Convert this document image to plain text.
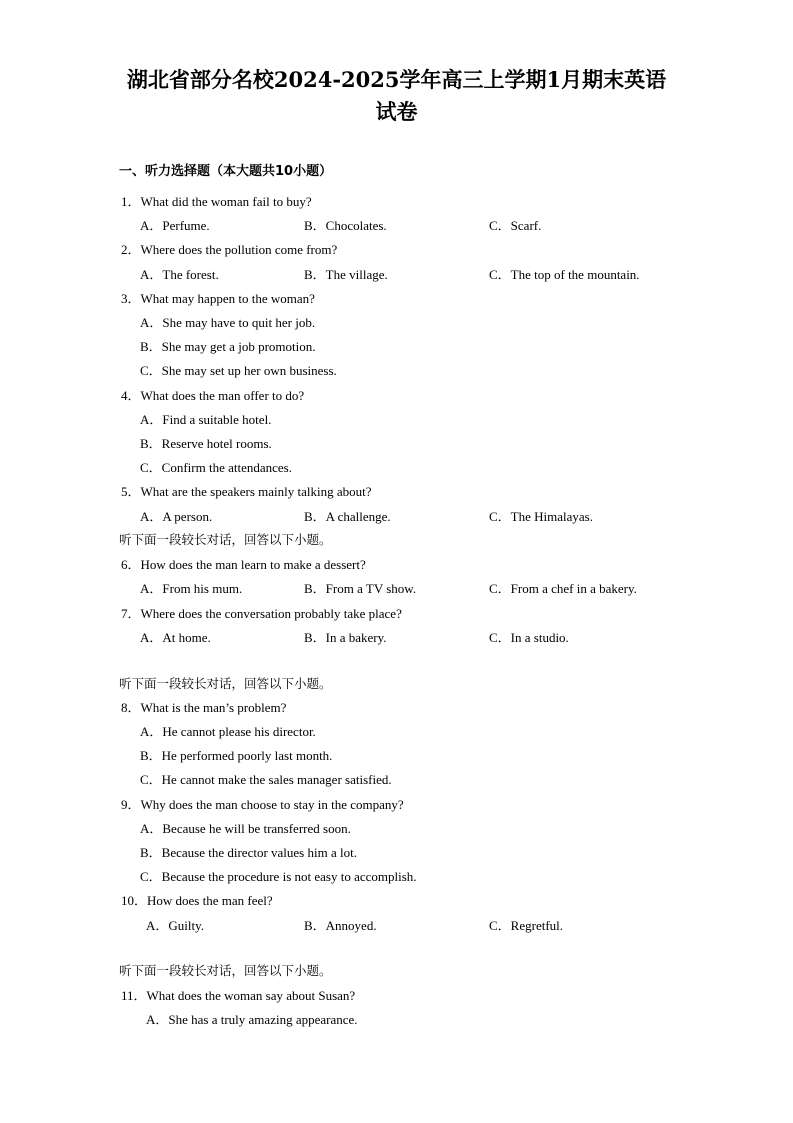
湖北省部分名校2024-2025学年高三上学期1月期末英语
试卷
一、听力选择题（本大题共10小题）
1．What did the woman fail to buy?
A．Perfume.	B．Chocolates.	C．Scarf.
2．Where does the pollution come from?
A．The forest.	B．The village.	C．The top of the mountain.
3．What may happen to the woman?
A．She may have to quit her job.
B．She may get a job promotion.
C．She may set up her own business.
4．What does the man offer to do?
A．Find a suitable hotel.
B．Reserve hotel rooms.
C．Confirm the attendances.
5．What are the speakers mainly talking about?
A．A person.	B．A challenge.	C．The Himalayas.
听下面一段较长对话，回答以下小题。
6．How does the man learn to make a dessert?
A．From his mum.	B．From a TV show.	C．From a chef in a bakery.
7．Where does the conversation probably take place?
A．At home.	B．In a bakery.	C．In a studio.
听下面一段较长对话，回答以下小题。
8．What is the man’s problem?
A．He cannot please his director.
B．He performed poorly last month.
C．He cannot make the sales manager satisfied.
9．Why does the man choose to stay in the company?
A．Because he will be transferred soon.
B．Because the director values him a lot.
C．Because the procedure is not easy to accomplish.
10．How does the man feel?
A．Guilty.	B．Annoyed.	C．Regretful.
听下面一段较长对话，回答以下小题。
11．What does the woman say about Susan?
A．She has a truly amazing appearance.
